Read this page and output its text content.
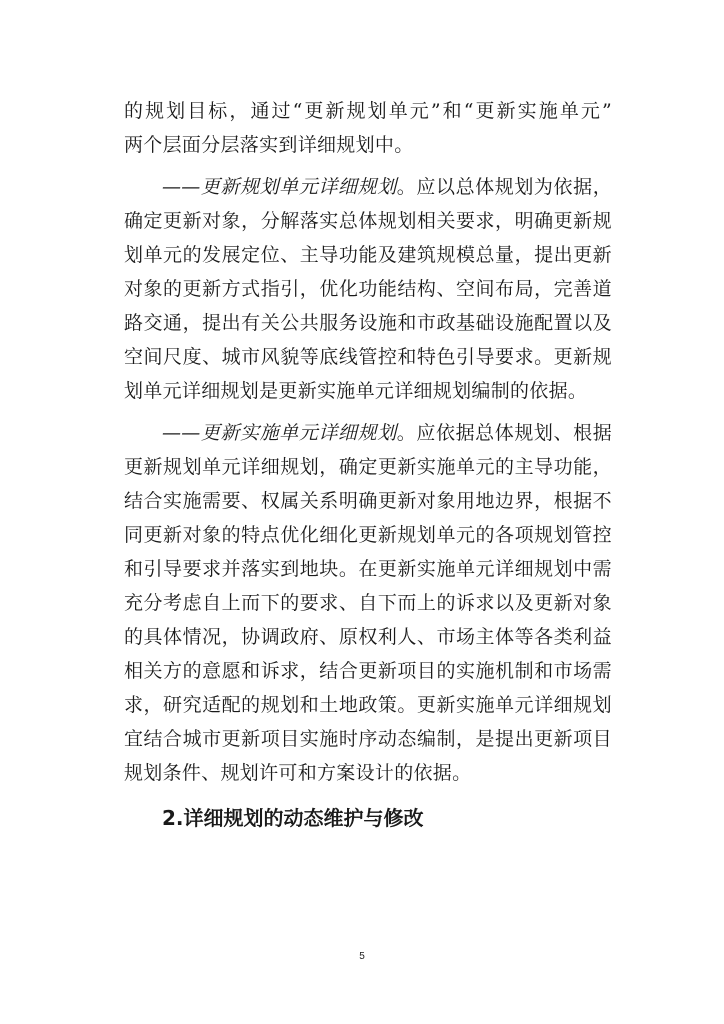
的规划目标，通过“更新规划单元”和“更新实施单元”
两个层面分层落实到详细规划中。
——更新规划单元详细规划。应以总体规划为依据，
确定更新对象，分解落实总体规划相关要求，明确更新规
划单元的发展定位、主导功能及建筑规模总量，提出更新
对象的更新方式指引，优化功能结构、空间布局，完善道
路交通，提出有关公共服务设施和市政基础设施配置以及
空间尺度、城市风貌等底线管控和特色引导要求。更新规
划单元详细规划是更新实施单元详细规划编制的依据。
——更新实施单元详细规划。应依据总体规划、根据
更新规划单元详细规划，确定更新实施单元的主导功能，
结合实施需要、权属关系明确更新对象用地边界，根据不
同更新对象的特点优化细化更新规划单元的各项规划管控
和引导要求并落实到地块。在更新实施单元详细规划中需
充分考虑自上而下的要求、自下而上的诉求以及更新对象
的具体情况，协调政府、原权利人、市场主体等各类利益
相关方的意愿和诉求，结合更新项目的实施机制和市场需
求，研究适配的规划和土地政策。更新实施单元详细规划
宜结合城市更新项目实施时序动态编制，是提出更新项目
规划条件、规划许可和方案设计的依据。
2.详细规划的动态维护与修改
5
